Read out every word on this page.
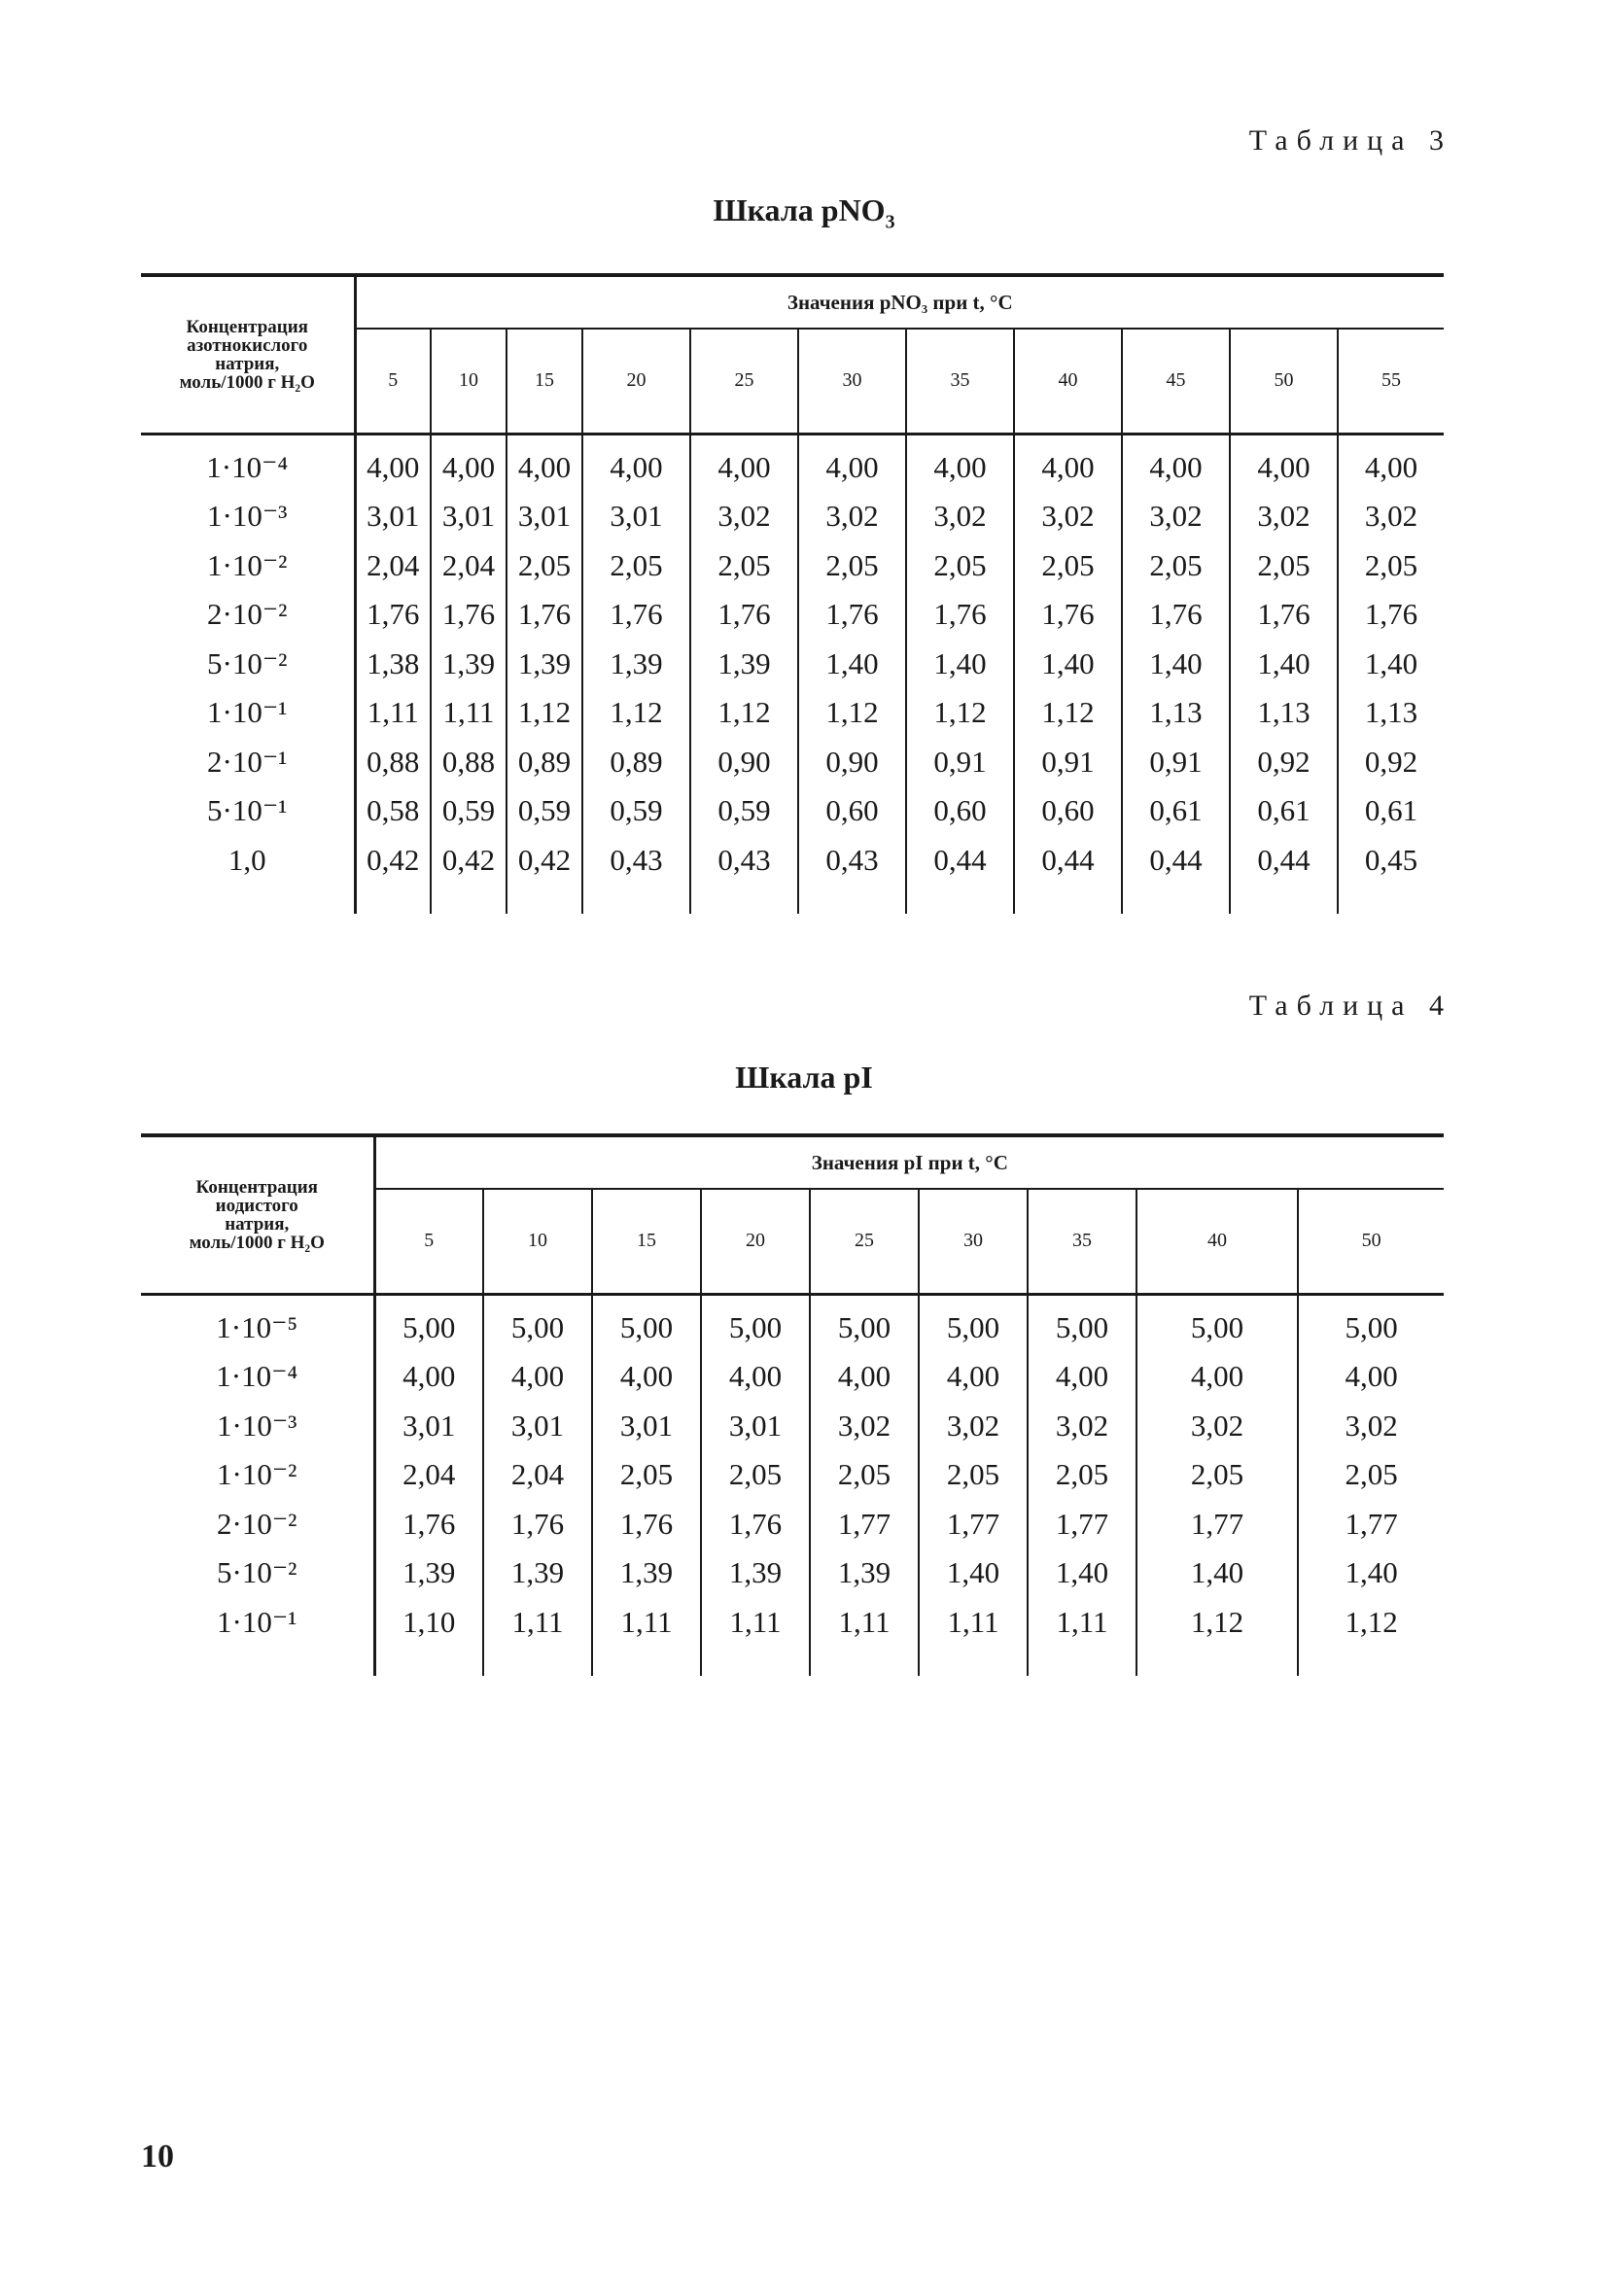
Таблица 3
Шкала pNO$_3$
Концентрация
азотнокислого
натрия,
моль/1000 г H₂O	Значения pNO₃ при t, °C										
	5	10	15	20	25	30	35	40	45	50	55
1·10⁻⁴	4,00	4,00	4,00	4,00	4,00	4,00	4,00	4,00	4,00	4,00	4,00
1·10⁻³	3,01	3,01	3,01	3,01	3,02	3,02	3,02	3,02	3,02	3,02	3,02
1·10⁻²	2,04	2,04	2,05	2,05	2,05	2,05	2,05	2,05	2,05	2,05	2,05
2·10⁻²	1,76	1,76	1,76	1,76	1,76	1,76	1,76	1,76	1,76	1,76	1,76
5·10⁻²	1,38	1,39	1,39	1,39	1,39	1,40	1,40	1,40	1,40	1,40	1,40
1·10⁻¹	1,11	1,11	1,12	1,12	1,12	1,12	1,12	1,12	1,13	1,13	1,13
2·10⁻¹	0,88	0,88	0,89	0,89	0,90	0,90	0,91	0,91	0,91	0,92	0,92
5·10⁻¹	0,58	0,59	0,59	0,59	0,59	0,60	0,60	0,60	0,61	0,61	0,61
1,0	0,42	0,42	0,42	0,43	0,43	0,43	0,44	0,44	0,44	0,44	0,45

Таблица 4
Шкала pI
Концентрация
иодистого
натрия,
моль/1000 г H₂O	Значения pI при t, °C								
	5	10	15	20	25	30	35	40	50
1·10⁻⁵	5,00	5,00	5,00	5,00	5,00	5,00	5,00	5,00	5,00
1·10⁻⁴	4,00	4,00	4,00	4,00	4,00	4,00	4,00	4,00	4,00
1·10⁻³	3,01	3,01	3,01	3,01	3,02	3,02	3,02	3,02	3,02
1·10⁻²	2,04	2,04	2,05	2,05	2,05	2,05	2,05	2,05	2,05
2·10⁻²	1,76	1,76	1,76	1,76	1,77	1,77	1,77	1,77	1,77
5·10⁻²	1,39	1,39	1,39	1,39	1,39	1,40	1,40	1,40	1,40
1·10⁻¹	1,10	1,11	1,11	1,11	1,11	1,11	1,11	1,12	1,12

10
